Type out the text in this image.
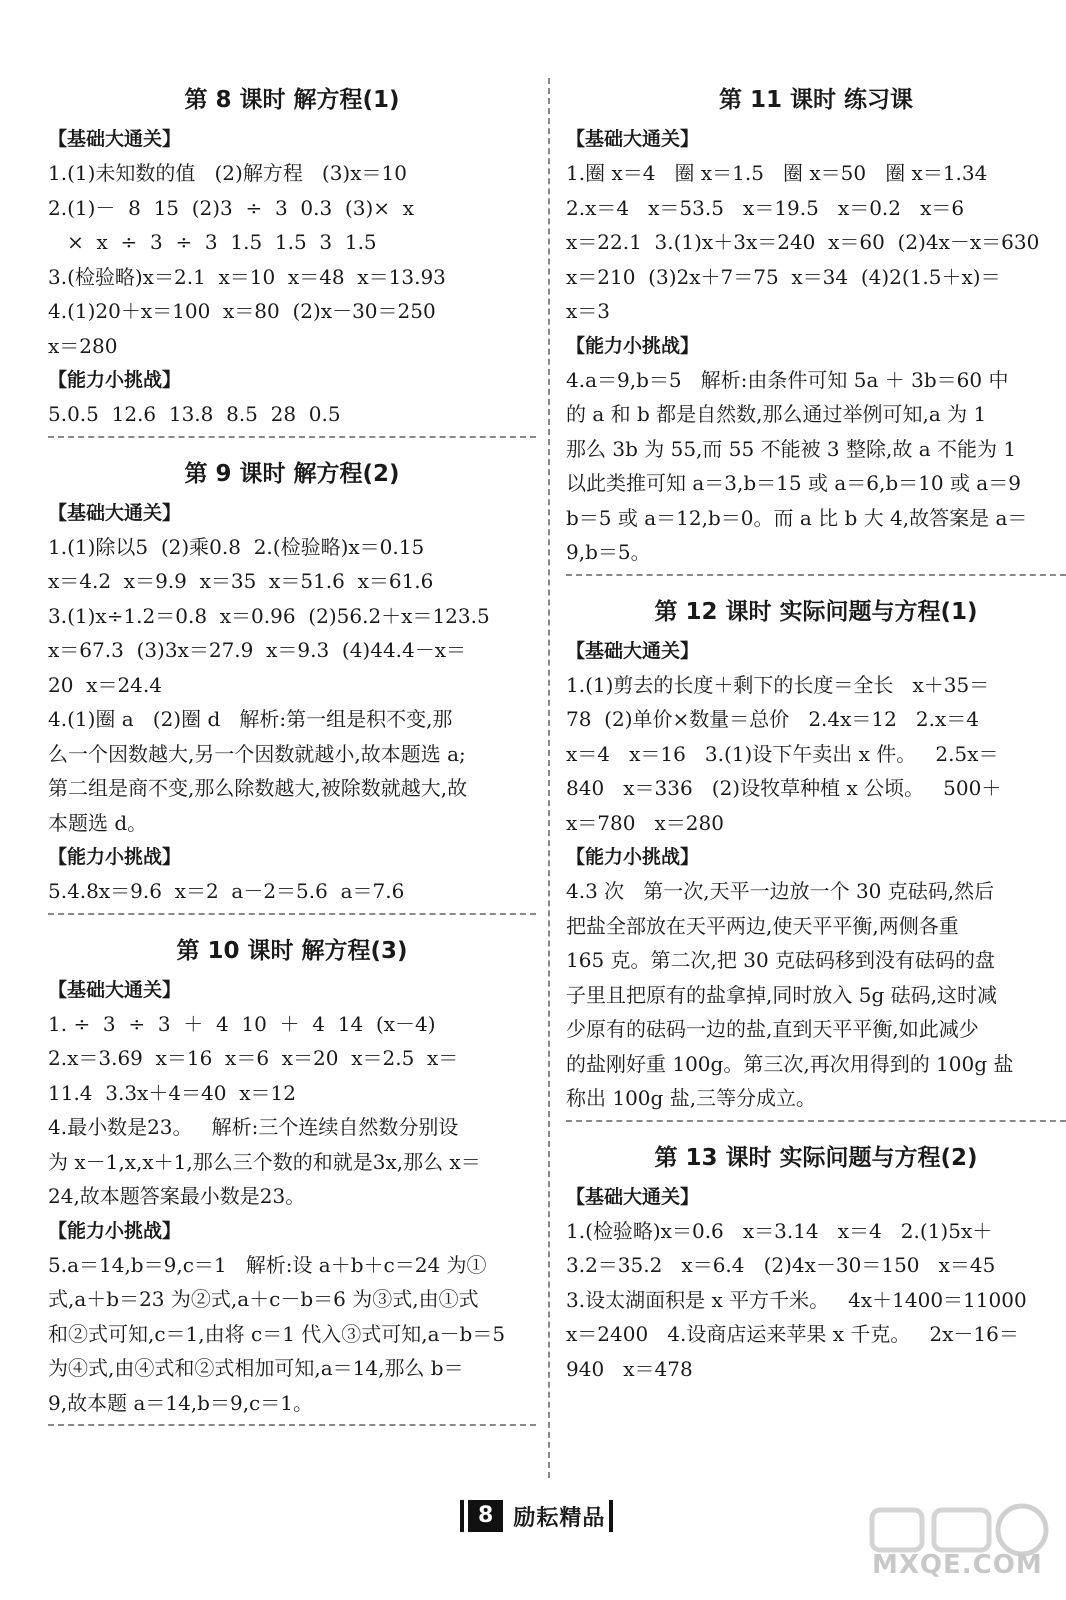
第 8 课时 解方程(1)
【基础大通关】
1.(1)未知数的值   (2)解方程   (3)x＝10
2.(1)－  8  15  (2)3  ÷  3  0.3  (3)×  x
×  x  ÷  3  ÷  3  1.5  1.5  3  1.5
3.(检验略)x＝2.1  x＝10  x＝48  x＝13.93
4.(1)20＋x＝100  x＝80  (2)x－30＝250
x＝280
【能力小挑战】
5.0.5  12.6  13.8  8.5  28  0.5
第 9 课时 解方程(2)
【基础大通关】
1.(1)除以5  (2)乘0.8  2.(检验略)x＝0.15
x＝4.2  x＝9.9  x＝35  x＝51.6  x＝61.6
3.(1)x÷1.2＝0.8  x＝0.96  (2)56.2＋x＝123.5
x＝67.3  (3)3x＝27.9  x＝9.3  (4)44.4－x＝
20  x＝24.4
4.(1)圈 a   (2)圈 d   解析:第一组是积不变,那
么一个因数越大,另一个因数就越小,故本题选 a;
第二组是商不变,那么除数越大,被除数就越大,故
本题选 d。
【能力小挑战】
5.4.8x＝9.6  x＝2  a－2＝5.6  a＝7.6
第 10 课时 解方程(3)
【基础大通关】
1. ÷  3  ÷  3  ＋  4  10  ＋  4  14  (x－4)
2.x＝3.69  x＝16  x＝6  x＝20  x＝2.5  x＝
11.4  3.3x＋4＝40  x＝12
4.最小数是23。   解析:三个连续自然数分别设
为 x－1,x,x＋1,那么三个数的和就是3x,那么 x＝
24,故本题答案最小数是23。
【能力小挑战】
5.a＝14,b＝9,c＝1   解析:设 a＋b＋c＝24 为①
式,a＋b＝23 为②式,a＋c－b＝6 为③式,由①式
和②式可知,c＝1,由将 c＝1 代入③式可知,a－b＝5
为④式,由④式和②式相加可知,a＝14,那么 b＝
9,故本题 a＝14,b＝9,c＝1。
第 11 课时 练习课
【基础大通关】
1.圈 x＝4   圈 x＝1.5   圈 x＝50   圈 x＝1.34
2.x＝4   x＝53.5   x＝19.5   x＝0.2   x＝6
x＝22.1  3.(1)x＋3x＝240  x＝60  (2)4x－x＝630
x＝210  (3)2x＋7＝75  x＝34  (4)2(1.5＋x)＝
x＝3
【能力小挑战】
4.a＝9,b＝5   解析:由条件可知 5a ＋ 3b＝60 中
的 a 和 b 都是自然数,那么通过举例可知,a 为 1
那么 3b 为 55,而 55 不能被 3 整除,故 a 不能为 1
以此类推可知 a＝3,b＝15 或 a＝6,b＝10 或 a＝9
b＝5 或 a＝12,b＝0。而 a 比 b 大 4,故答案是 a＝
9,b＝5。
第 12 课时 实际问题与方程(1)
【基础大通关】
1.(1)剪去的长度＋剩下的长度＝全长   x＋35＝
78  (2)单价×数量＝总价   2.4x＝12   2.x＝4
x＝4   x＝16   3.(1)设下午卖出 x 件。   2.5x＝
840   x＝336   (2)设牧草种植 x 公顷。   500＋
x＝780   x＝280
【能力小挑战】
4.3 次   第一次,天平一边放一个 30 克砝码,然后
把盐全部放在天平两边,使天平平衡,两侧各重
165 克。第二次,把 30 克砝码移到没有砝码的盘
子里且把原有的盐拿掉,同时放入 5g 砝码,这时减
少原有的砝码一边的盐,直到天平平衡,如此减少
的盐刚好重 100g。第三次,再次用得到的 100g 盐
称出 100g 盐,三等分成立。
第 13 课时 实际问题与方程(2)
【基础大通关】
1.(检验略)x＝0.6   x＝3.14   x＝4   2.(1)5x＋
3.2＝35.2   x＝6.4   (2)4x－30＝150   x＝45
3.设太湖面积是 x 平方千米。   4x＋1400＝11000
x＝2400   4.设商店运来苹果 x 千克。   2x－16＝
940   x＝478
8 励耘精品
MXQE.COM
